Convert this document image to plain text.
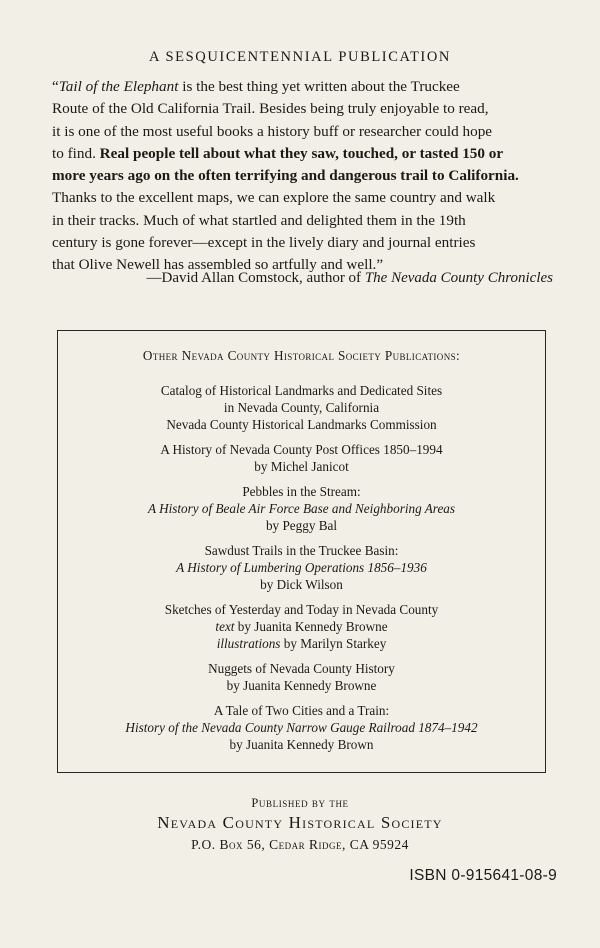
A SESQUICENTENNIAL PUBLICATION
“Tail of the Elephant is the best thing yet written about the Truckee
Route of the Old California Trail. Besides being truly enjoyable to read,
it is one of the most useful books a history buff or researcher could hope
to find. Real people tell about what they saw, touched, or tasted 150 or
more years ago on the often terrifying and dangerous trail to California.
Thanks to the excellent maps, we can explore the same country and walk
in their tracks. Much of what startled and delighted them in the 19th
century is gone forever—except in the lively diary and journal entries
that Olive Newell has assembled so artfully and well.”
—David Allan Comstock, author of The Nevada County Chronicles
Other Nevada County Historical Society Publications:
Catalog of Historical Landmarks and Dedicated Sites
in Nevada County, California
Nevada County Historical Landmarks Commission
A History of Nevada County Post Offices 1850–1994
by Michel Janicot
Pebbles in the Stream:
A History of Beale Air Force Base and Neighboring Areas
by Peggy Bal
Sawdust Trails in the Truckee Basin:
A History of Lumbering Operations 1856–1936
by Dick Wilson
Sketches of Yesterday and Today in Nevada County
text by Juanita Kennedy Browne
illustrations by Marilyn Starkey
Nuggets of Nevada County History
by Juanita Kennedy Browne
A Tale of Two Cities and a Train:
History of the Nevada County Narrow Gauge Railroad 1874–1942
by Juanita Kennedy Brown
Published by the
Nevada County Historical Society
P.O. Box 56, Cedar Ridge, CA 95924
ISBN 0-915641-08-9
